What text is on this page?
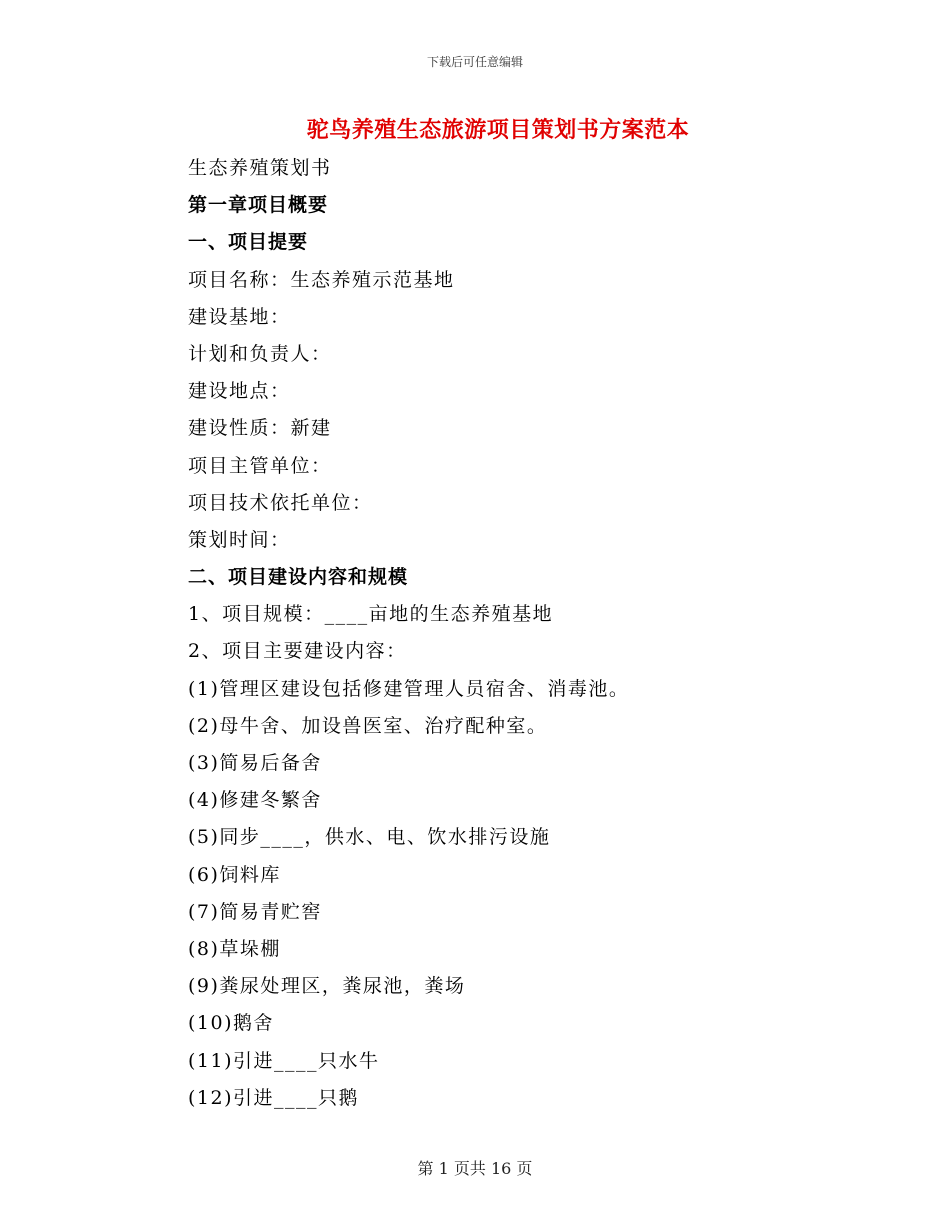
下载后可任意编辑
驼鸟养殖生态旅游项目策划书方案范本
生态养殖策划书
第一章项目概要
一、项目提要
项目名称：生态养殖示范基地
建设基地：
计划和负责人：
建设地点：
建设性质：新建
项目主管单位：
项目技术依托单位：
策划时间：
二、项目建设内容和规模
1、项目规模：____亩地的生态养殖基地
2、项目主要建设内容：
(1)管理区建设包括修建管理人员宿舍、消毒池。
(2)母牛舍、加设兽医室、治疗配种室。
(3)简易后备舍
(4)修建冬繁舍
(5)同步____，供水、电、饮水排污设施
(6)饲料库
(7)简易青贮窖
(8)草垛棚
(9)粪尿处理区，粪尿池，粪场
(10)鹅舍
(11)引进____只水牛
(12)引进____只鹅
第 1 页共 16 页
